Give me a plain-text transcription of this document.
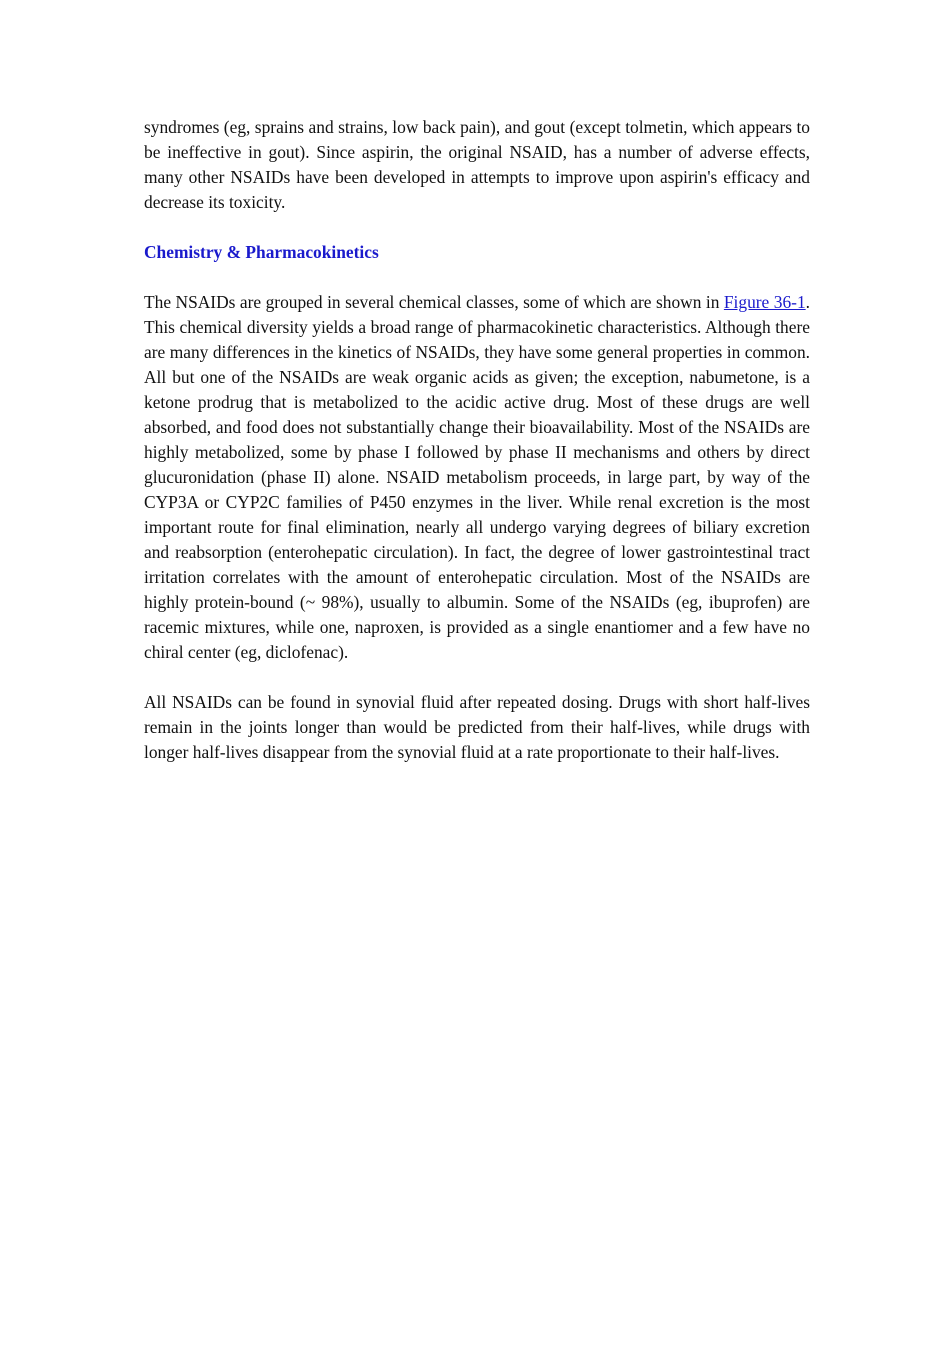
syndromes (eg, sprains and strains, low back pain), and gout (except tolmetin, which appears to be ineffective in gout). Since aspirin, the original NSAID, has a number of adverse effects, many other NSAIDs have been developed in attempts to improve upon aspirin's efficacy and decrease its toxicity.

Chemistry & Pharmacokinetics

The NSAIDs are grouped in several chemical classes, some of which are shown in Figure 36-1. This chemical diversity yields a broad range of pharmacokinetic characteristics. Although there are many differences in the kinetics of NSAIDs, they have some general properties in common. All but one of the NSAIDs are weak organic acids as given; the exception, nabumetone, is a ketone prodrug that is metabolized to the acidic active drug. Most of these drugs are well absorbed, and food does not substantially change their bioavailability. Most of the NSAIDs are highly metabolized, some by phase I followed by phase II mechanisms and others by direct glucuronidation (phase II) alone. NSAID metabolism proceeds, in large part, by way of the CYP3A or CYP2C families of P450 enzymes in the liver. While renal excretion is the most important route for final elimination, nearly all undergo varying degrees of biliary excretion and reabsorption (enterohepatic circulation). In fact, the degree of lower gastrointestinal tract irritation correlates with the amount of enterohepatic circulation. Most of the NSAIDs are highly protein-bound (~ 98%), usually to albumin. Some of the NSAIDs (eg, ibuprofen) are racemic mixtures, while one, naproxen, is provided as a single enantiomer and a few have no chiral center (eg, diclofenac).

All NSAIDs can be found in synovial fluid after repeated dosing. Drugs with short half-lives remain in the joints longer than would be predicted from their half-lives, while drugs with longer half-lives disappear from the synovial fluid at a rate proportionate to their half-lives.
